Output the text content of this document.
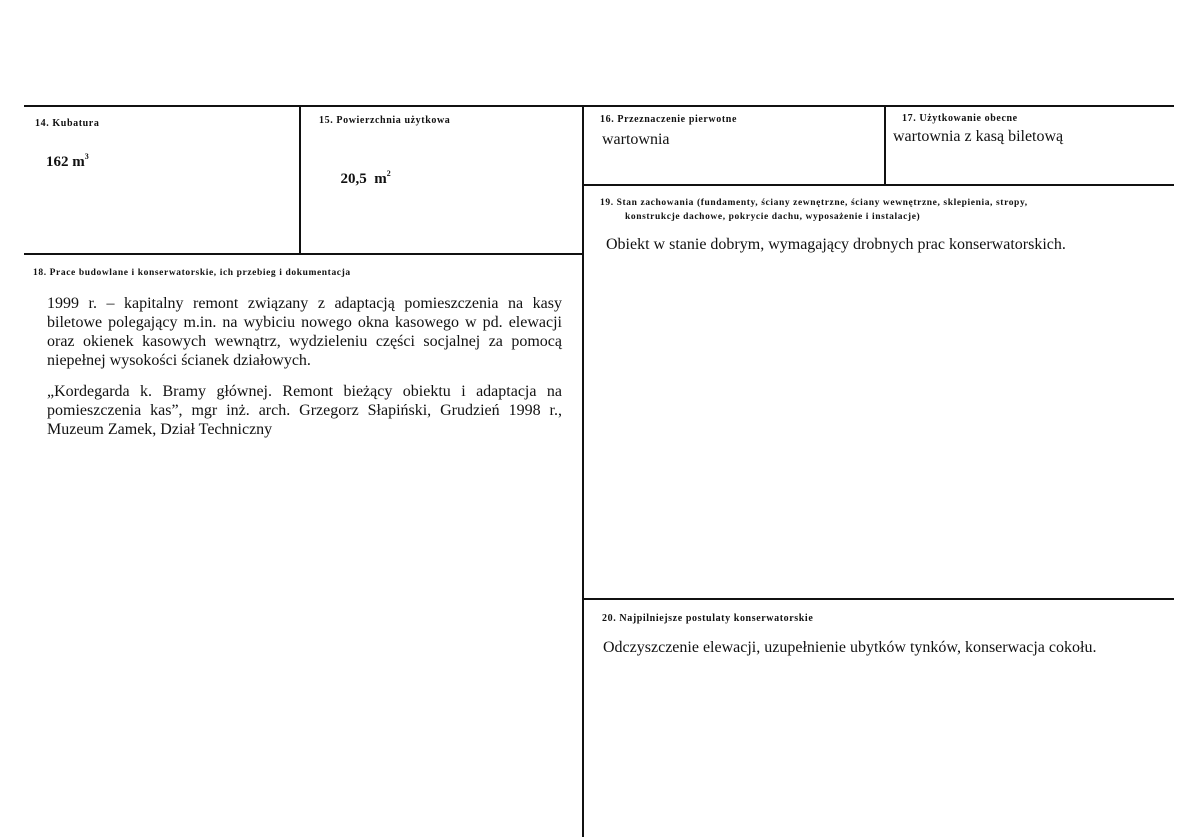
14. Kubatura
162 $m^3$
15. Powierzchnia użytkowa

20,5  $m^2$

16. Przeznaczenie pierwotne
wartownia
17. Użytkowanie obecne
wartownia z kasą biletową
19. Stan zachowania (fundamenty, ściany zewnętrzne, ściany wewnętrzne, sklepienia, stropy,
konstrukcje dachowe, pokrycie dachu, wyposażenie i instalacje)
Obiekt w stanie dobrym, wymagający drobnych prac konserwatorskich.
18. Prace budowlane i konserwatorskie, ich przebieg i dokumentacja

1999 r. – kapitalny remont związany z adaptacją pomieszczenia na kasy biletowe polegający m.in. na wybiciu nowego okna kasowego w pd. elewacji oraz okienek kasowych wewnątrz, wydzieleniu części socjalnej za pomocą niepełnej wysokości ścianek działowych.

„Kordegarda k. Bramy głównej. Remont bieżący obiektu i adaptacja na pomieszczenia kas”, mgr inż. arch. Grzegorz Słapiński, Grudzień 1998 r., Muzeum Zamek, Dział Techniczny

20. Najpilniejsze postulaty konserwatorskie
Odczyszczenie elewacji, uzupełnienie ubytków tynków, konserwacja cokołu.
